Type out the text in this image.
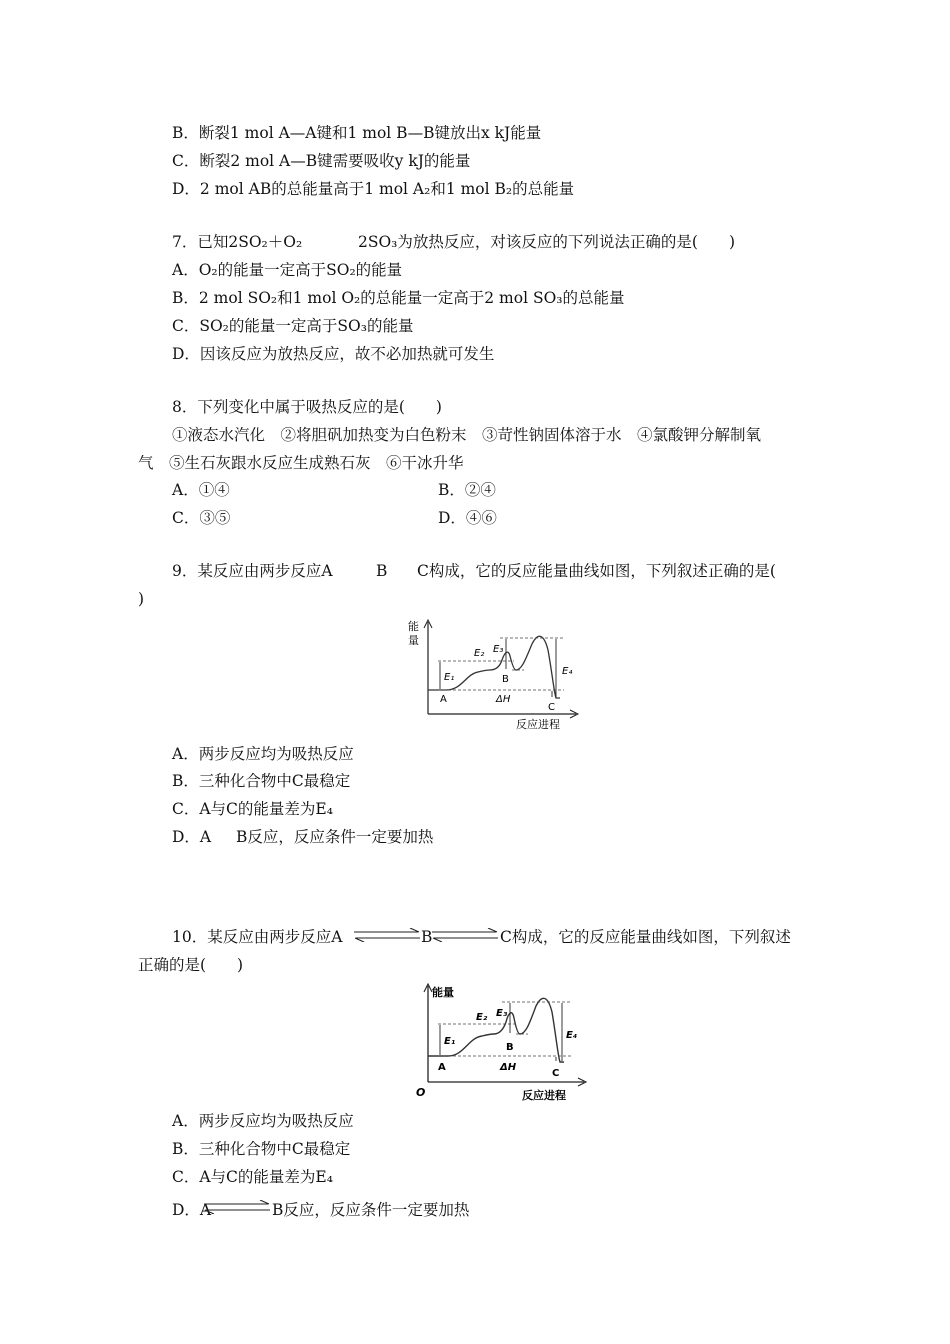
B．断裂1 mol A—A键和1 mol B—B键放出x kJ能量
C．断裂2 mol A—B键需要吸收y kJ的能量
D．2 mol AB的总能量高于1 mol A₂和1 mol B₂的总能量
7．已知2SO₂＋O₂	2SO₃为放热反应，对该反应的下列说法正确的是(　　)
A．O₂的能量一定高于SO₂的能量
B．2 mol SO₂和1 mol O₂的总能量一定高于2 mol SO₃的总能量
C．SO₂的能量一定高于SO₃的能量
D．因该反应为放热反应，故不必加热就可发生
8．下列变化中属于吸热反应的是(　　)
①液态水汽化　②将胆矾加热变为白色粉末　③苛性钠固体溶于水　④氯酸钾分解制氧
气　⑤生石灰跟水反应生成熟石灰　⑥干冰升华
A．①④	B．②④
C．③⑤	D．④⑥
9．某反应由两步反应A	B C构成，它的反应能量曲线如图，下列叙述正确的是(
)
能
量
E₁
E₂ E₃
E₄
A
B
C
ΔH
反应进程
A．两步反应均为吸热反应
B．三种化合物中C最稳定
C．A与C的能量差为E₄
D．A B反应，反应条件一定要加热
10．某反应由两步反应A	B	C构成，它的反应能量曲线如图，下列叙述
正确的是(　　)
能量
O
E₁
E₂ E₃
E₄
A
B
C
ΔH
反应进程
A．两步反应均为吸热反应
B．三种化合物中C最稳定
C．A与C的能量差为E₄
D．A	B反应，反应条件一定要加热
